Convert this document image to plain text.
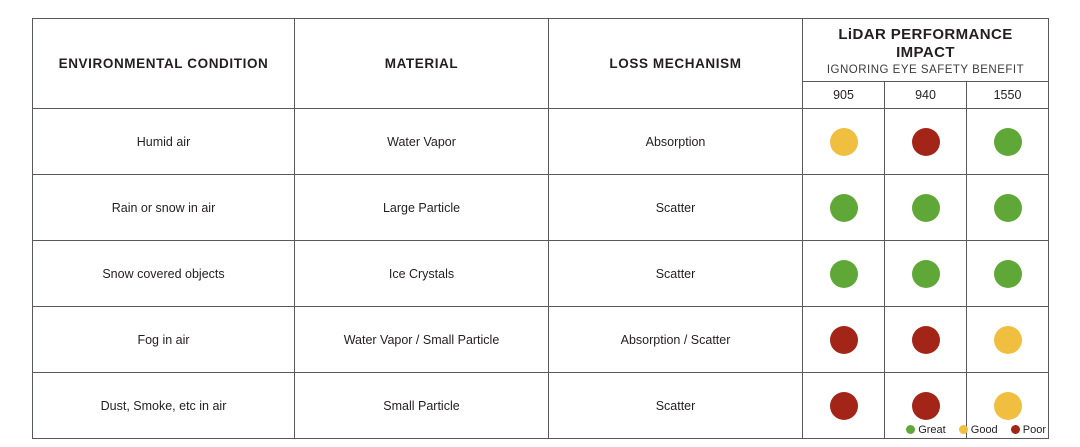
ENVIRONMENTAL CONDITION	MATERIAL	LOSS MECHANISM	LiDAR PERFORMANCE IMPACT
IGNORING EYE SAFETY BENEFIT		

			905	940	1550
Humid air	Water Vapor	Absorption			
Rain or snow in air	Large Particle	Scatter			
Snow covered objects	Ice Crystals	Scatter			
Fog in air	Water Vapor / Small Particle	Absorption / Scatter			
Dust, Smoke, etc in air	Small Particle	Scatter			
Great Good Poor
